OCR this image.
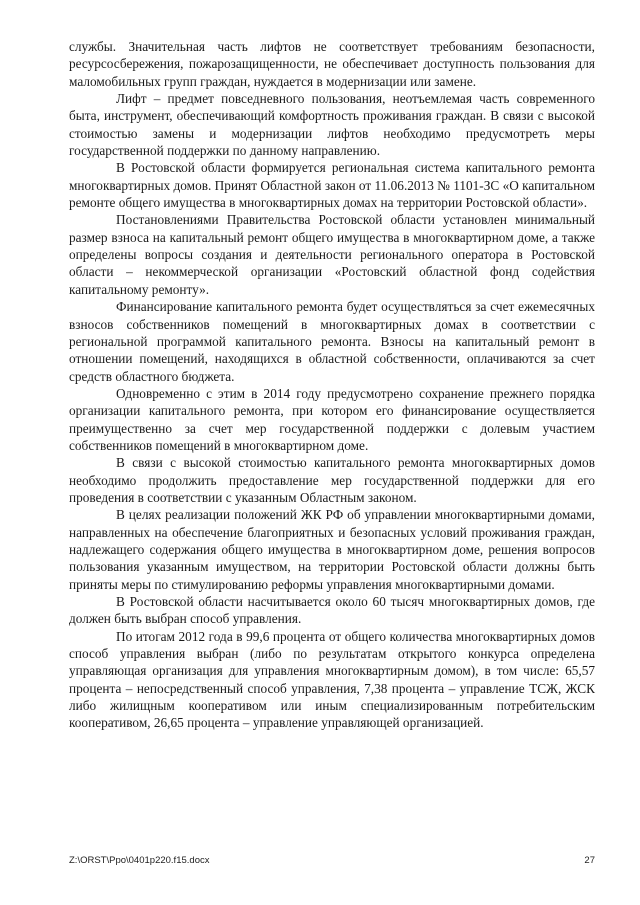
службы. Значительная часть лифтов не соответствует требованиям безопасности, ресурсосбережения, пожарозащищенности, не обеспечивает доступность пользования для маломобильных групп граждан, нуждается в модернизации или замене.

Лифт – предмет повседневного пользования, неотъемлемая часть современного быта, инструмент, обеспечивающий комфортность проживания граждан. В связи с высокой стоимостью замены и модернизации лифтов необходимо предусмотреть меры государственной поддержки по данному направлению.

В Ростовской области формируется региональная система капитального ремонта многоквартирных домов. Принят Областной закон от 11.06.2013 № 1101-ЗС «О капитальном ремонте общего имущества в многоквартирных домах на территории Ростовской области».

Постановлениями Правительства Ростовской области установлен минимальный размер взноса на капитальный ремонт общего имущества в многоквартирном доме, а также определены вопросы создания и деятельности регионального оператора в Ростовской области – некоммерческой организации «Ростовский областной фонд содействия капитальному ремонту».

Финансирование капитального ремонта будет осуществляться за счет ежемесячных взносов собственников помещений в многоквартирных домах в соответствии с региональной программой капитального ремонта. Взносы на капитальный ремонт в отношении помещений, находящихся в областной собственности, оплачиваются за счет средств областного бюджета.

Одновременно с этим в 2014 году предусмотрено сохранение прежнего порядка организации капитального ремонта, при котором его финансирование осуществляется преимущественно за счет мер государственной поддержки с долевым участием собственников помещений в многоквартирном доме.

В связи с высокой стоимостью капитального ремонта многоквартирных домов необходимо продолжить предоставление мер государственной поддержки для его проведения в соответствии с указанным Областным законом.

В целях реализации положений ЖК РФ об управлении многоквартирными домами, направленных на обеспечение благоприятных и безопасных условий проживания граждан, надлежащего содержания общего имущества в многоквартирном доме, решения вопросов пользования указанным имуществом, на территории Ростовской области должны быть приняты меры по стимулированию реформы управления многоквартирными домами.

В Ростовской области насчитывается около 60 тысяч многоквартирных домов, где должен быть выбран способ управления.

По итогам 2012 года в 99,6 процента от общего количества многоквартирных домов способ управления выбран (либо по результатам открытого конкурса определена управляющая организация для управления многоквартирным домом), в том числе: 65,57 процента – непосредственный способ управления, 7,38 процента – управление ТСЖ, ЖСК либо жилищным кооперативом или иным специализированным потребительским кооперативом, 26,65 процента – управление управляющей организацией.

Z:\ORST\Ppo\0401p220.f15.docx	27
